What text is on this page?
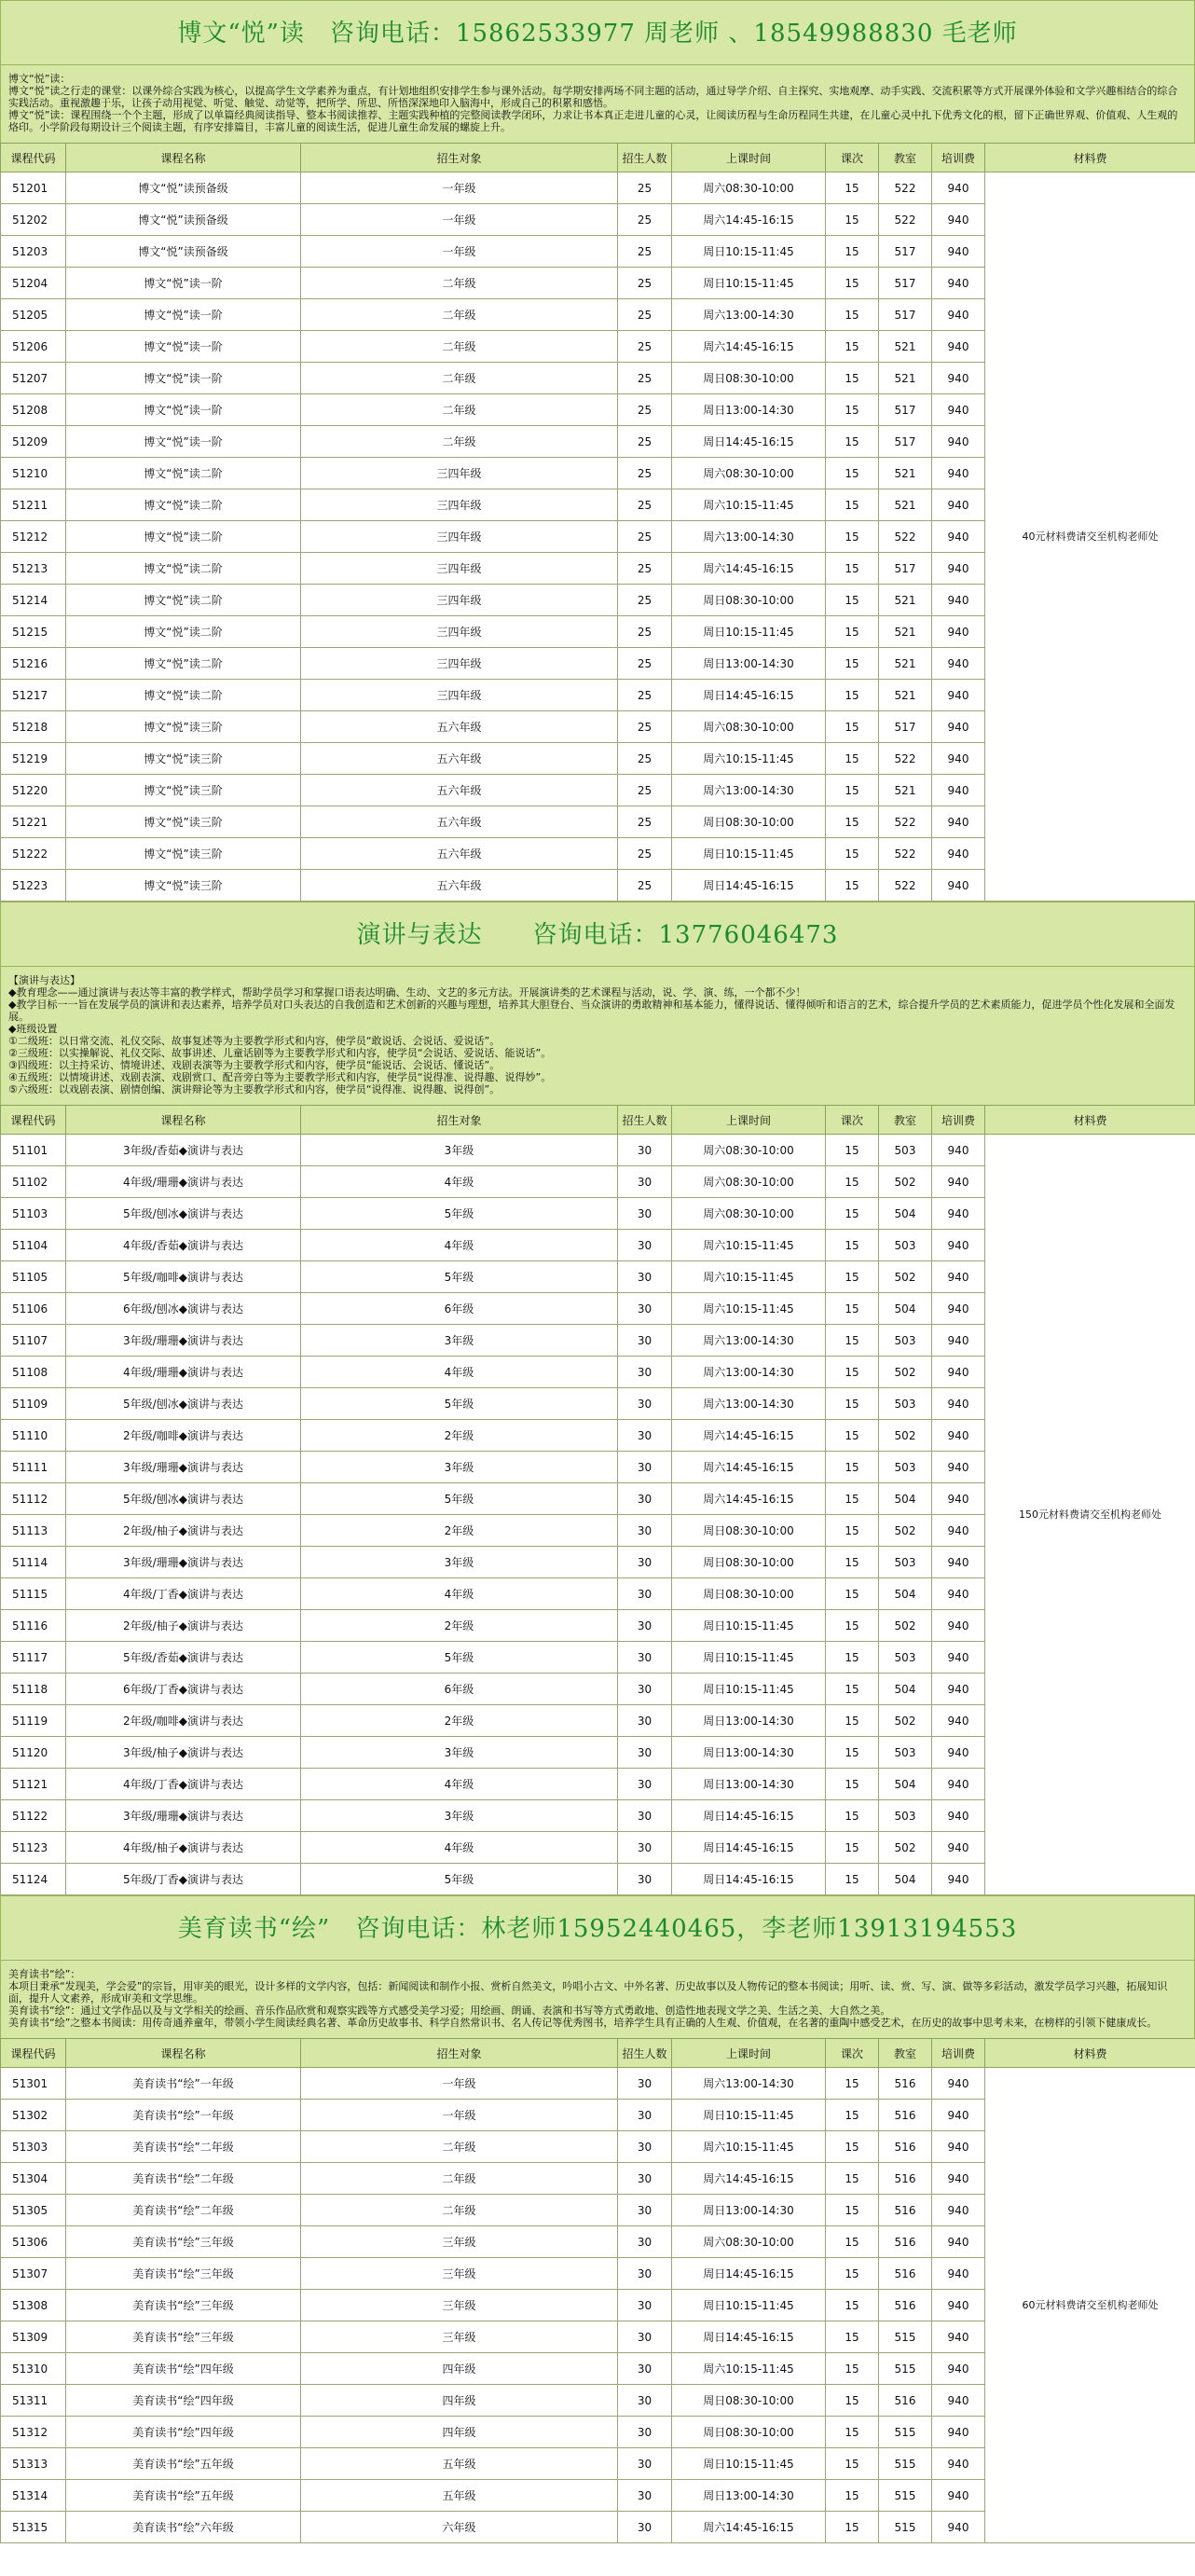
博文“悦”读　咨询电话：15862533977 周老师 、18549988830 毛老师

博文“悦”读：

博文“悦”读之行走的课堂：以课外综合实践为核心，以提高学生文学素养为重点，有计划地组织安排学生参与课外活动。每学期安排两场不同主题的活动，通过导学介绍、自主探究、实地观摩、动手实践、交流积累等方式开展课外体验和文学兴趣相结合的综合实践活动。重视激趣于乐，让孩子动用视觉、听觉、触觉、动觉等，把所学、所思、所悟深深地印入脑海中，形成自己的积累和感悟。

博文“悦”读：课程围绕一个个主题，形成了以单篇经典阅读指导、整本书阅读推荐、主题实践种植的完整阅读教学闭环，力求让书本真正走进儿童的心灵，让阅读历程与生命历程同生共建，在儿童心灵中扎下优秀文化的根，留下正确世界观、价值观、人生观的烙印。小学阶段每期设计三个阅读主题，有序安排篇目，丰富儿童的阅读生活，促进儿童生命发展的螺旋上升。

课程代码	课程名称	招生对象	招生人数	上课时间	课次	教室	培训费	材料费
51201	博文“悦”读预备级	一年级	25	周六08:30-10:00	15	522	940	40元材料费请交至机构老师处
51202	博文“悦”读预备级	一年级	25	周六14:45-16:15	15	522	940	
51203	博文“悦”读预备级	一年级	25	周日10:15-11:45	15	517	940	
51204	博文“悦”读一阶	二年级	25	周日10:15-11:45	15	517	940	
51205	博文“悦”读一阶	二年级	25	周六13:00-14:30	15	517	940	
51206	博文“悦”读一阶	二年级	25	周六14:45-16:15	15	521	940	
51207	博文“悦”读一阶	二年级	25	周日08:30-10:00	15	521	940	
51208	博文“悦”读一阶	二年级	25	周日13:00-14:30	15	517	940	
51209	博文“悦”读一阶	二年级	25	周日14:45-16:15	15	517	940	
51210	博文“悦”读二阶	三四年级	25	周六08:30-10:00	15	521	940	
51211	博文“悦”读二阶	三四年级	25	周六10:15-11:45	15	521	940	
51212	博文“悦”读二阶	三四年级	25	周六13:00-14:30	15	522	940	
51213	博文“悦”读二阶	三四年级	25	周六14:45-16:15	15	517	940	
51214	博文“悦”读二阶	三四年级	25	周日08:30-10:00	15	521	940	
51215	博文“悦”读二阶	三四年级	25	周日10:15-11:45	15	521	940	
51216	博文“悦”读二阶	三四年级	25	周日13:00-14:30	15	521	940	
51217	博文“悦”读二阶	三四年级	25	周日14:45-16:15	15	521	940	
51218	博文“悦”读三阶	五六年级	25	周六08:30-10:00	15	517	940	
51219	博文“悦”读三阶	五六年级	25	周六10:15-11:45	15	522	940	
51220	博文“悦”读三阶	五六年级	25	周六13:00-14:30	15	521	940	
51221	博文“悦”读三阶	五六年级	25	周日08:30-10:00	15	522	940	
51222	博文“悦”读三阶	五六年级	25	周日10:15-11:45	15	522	940	
51223	博文“悦”读三阶	五六年级	25	周日14:45-16:15	15	522	940	
演讲与表达　　咨询电话：13776046473

【演讲与表达】

◆教育理念——通过演讲与表达等丰富的教学样式，帮助学员学习和掌握口语表达明确、生动、文艺的多元方法。开展演讲类的艺术课程与活动，说、学、演、练，一个都不少！

◆教学目标一一旨在发展学员的演讲和表达素养，培养学员对口头表达的自我创造和艺术创新的兴趣与理想，培养其大胆登台、当众演讲的勇敢精神和基本能力，懂得说话、懂得倾听和语言的艺术，综合提升学员的艺术素质能力，促进学员个性化发展和全面发展。

◆班级设置

①二级班：以日常交流、礼仪交际、故事复述等为主要教学形式和内容，使学员“敢说话、会说话、爱说话”。

②三级班：以实操解说、礼仪交际、故事讲述、儿童话剧等为主要教学形式和内容，使学员“会说话、爱说话、能说话”。

③四级班：以主持采访、情境讲述、戏剧表演等为主要教学形式和内容，使学员“能说话、会说话、懂说话”。

④五级班：以情境讲述、戏剧表演、戏剧赏口、配音旁白等为主要教学形式和内容，使学员“说得准、说得趣、说得妙”。

⑤六级班：以戏剧表演、剧情创编、演讲辩论等为主要教学形式和内容，使学员“说得准、说得趣、说得创”。

课程代码	课程名称	招生对象	招生人数	上课时间	课次	教室	培训费	材料费
51101	3年级/香茹◆演讲与表达	3年级	30	周六08:30-10:00	15	503	940	150元材料费请交至机构老师处
51102	4年级/珊珊◆演讲与表达	4年级	30	周六08:30-10:00	15	502	940	
51103	5年级/刨冰◆演讲与表达	5年级	30	周六08:30-10:00	15	504	940	
51104	4年级/香茹◆演讲与表达	4年级	30	周六10:15-11:45	15	503	940	
51105	5年级/咖啡◆演讲与表达	5年级	30	周六10:15-11:45	15	502	940	
51106	6年级/刨冰◆演讲与表达	6年级	30	周六10:15-11:45	15	504	940	
51107	3年级/珊珊◆演讲与表达	3年级	30	周六13:00-14:30	15	503	940	
51108	4年级/珊珊◆演讲与表达	4年级	30	周六13:00-14:30	15	502	940	
51109	5年级/刨冰◆演讲与表达	5年级	30	周六13:00-14:30	15	503	940	
51110	2年级/咖啡◆演讲与表达	2年级	30	周六14:45-16:15	15	502	940	
51111	3年级/珊珊◆演讲与表达	3年级	30	周六14:45-16:15	15	503	940	
51112	5年级/刨冰◆演讲与表达	5年级	30	周六14:45-16:15	15	504	940	
51113	2年级/柚子◆演讲与表达	2年级	30	周日08:30-10:00	15	502	940	
51114	3年级/珊珊◆演讲与表达	3年级	30	周日08:30-10:00	15	503	940	
51115	4年级/丁香◆演讲与表达	4年级	30	周日08:30-10:00	15	504	940	
51116	2年级/柚子◆演讲与表达	2年级	30	周日10:15-11:45	15	502	940	
51117	5年级/香茹◆演讲与表达	5年级	30	周日10:15-11:45	15	503	940	
51118	6年级/丁香◆演讲与表达	6年级	30	周日10:15-11:45	15	504	940	
51119	2年级/咖啡◆演讲与表达	2年级	30	周日13:00-14:30	15	502	940	
51120	3年级/柚子◆演讲与表达	3年级	30	周日13:00-14:30	15	503	940	
51121	4年级/丁香◆演讲与表达	4年级	30	周日13:00-14:30	15	504	940	
51122	3年级/珊珊◆演讲与表达	3年级	30	周日14:45-16:15	15	503	940	
51123	4年级/柚子◆演讲与表达	4年级	30	周日14:45-16:15	15	502	940	
51124	5年级/丁香◆演讲与表达	5年级	30	周日14:45-16:15	15	504	940	
美育读书“绘”　咨询电话：林老师15952440465，李老师13913194553

美育读书“绘”：

本项目秉承“发现美，学会爱”的宗旨，用审美的眼光，设计多样的文学内容，包括：新闻阅读和制作小报、赏析自然美文，吟唱小古文、中外名著、历史故事以及人物传记的整本书阅读；用听、读、赏、写、演、做等多彩活动，激发学员学习兴趣，拓展知识面，提升人文素养，形成审美和文学思维。

美育读书“绘”：通过文学作品以及与文学相关的绘画、音乐作品欣赏和观察实践等方式感受美学习爱；用绘画、朗诵、表演和书写等方式勇敢地、创造性地表现文学之美、生活之美、大自然之美。

美育读书“绘”之整本书阅读：用传奇通养童年，带领小学生阅读经典名著、革命历史故事书、科学自然常识书、名人传记等优秀图书，培养学生具有正确的人生观、价值观，在名著的重陶中感受艺术，在历史的故事中思考未来，在榜样的引领下健康成长。

课程代码	课程名称	招生对象	招生人数	上课时间	课次	教室	培训费	材料费
51301	美育读书“绘”一年级	一年级	30	周六13:00-14:30	15	516	940	60元材料费请交至机构老师处
51302	美育读书“绘”一年级	一年级	30	周日10:15-11:45	15	516	940	
51303	美育读书“绘”二年级	二年级	30	周六10:15-11:45	15	516	940	
51304	美育读书“绘”二年级	二年级	30	周六14:45-16:15	15	516	940	
51305	美育读书“绘”二年级	二年级	30	周日13:00-14:30	15	516	940	
51306	美育读书“绘”三年级	三年级	30	周六08:30-10:00	15	516	940	
51307	美育读书“绘”三年级	三年级	30	周日14:45-16:15	15	516	940	
51308	美育读书“绘”三年级	三年级	30	周日10:15-11:45	15	516	940	
51309	美育读书“绘”三年级	三年级	30	周日14:45-16:15	15	515	940	
51310	美育读书“绘”四年级	四年级	30	周六10:15-11:45	15	515	940	
51311	美育读书“绘”四年级	四年级	30	周日08:30-10:00	15	516	940	
51312	美育读书“绘”四年级	四年级	30	周日08:30-10:00	15	515	940	
51313	美育读书“绘”五年级	五年级	30	周日10:15-11:45	15	515	940	
51314	美育读书“绘”五年级	五年级	30	周日13:00-14:30	15	515	940	
51315	美育读书“绘”六年级	六年级	30	周六14:45-16:15	15	515	940	
